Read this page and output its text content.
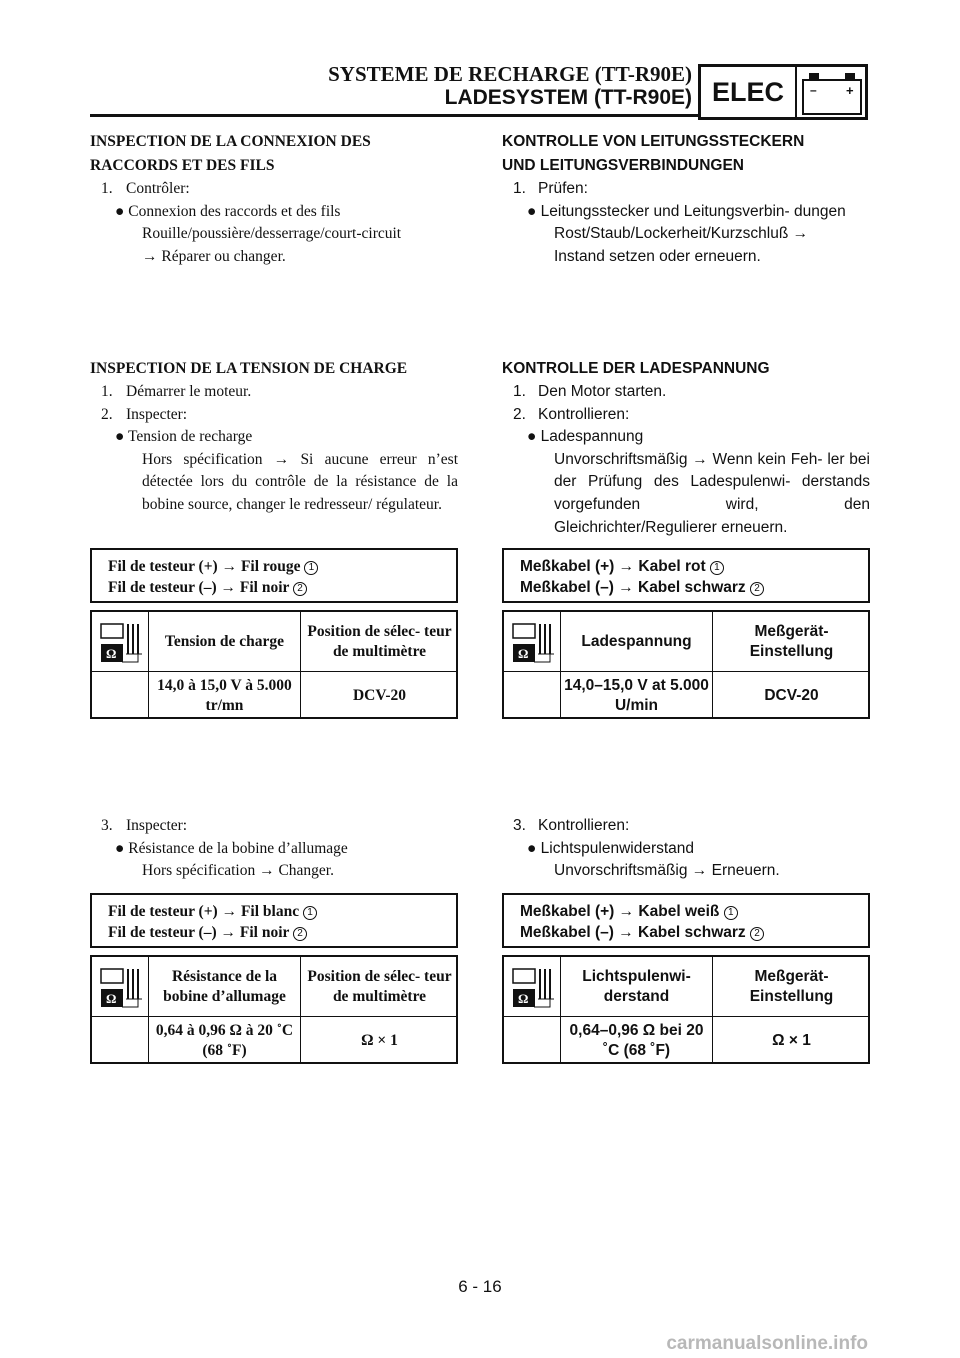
SYSTEME DE RECHARGE (TT-R90E)
LADESYSTEM (TT-R90E) ELEC	– +
INSPECTION DE LA CONNEXION DES
RACCORDS ET DES FILS
1. Contrôler:
● Connexion des raccords et des fils
Rouille/poussière/desserrage/court-circuit
→ Réparer ou changer.
INSPECTION DE LA TENSION DE CHARGE
1. Démarrer le moteur.
2. Inspecter:
● Tension de recharge
Hors spécification → Si aucune erreur n’est détectée lors du contrôle de la résistance de la bobine source, changer le redresseur/ régulateur.
Fil de testeur (+) → Fil rouge 1
Fil de testeur (–) → Fil noir 2
Ω
Tension de charge
Position de sélec- teur de multimètre
14,0 à 15,0 V à 5.000 tr/mn
DCV-20
3. Inspecter:
● Résistance de la bobine d’allumage
Hors spécification → Changer.
Fil de testeur (+) → Fil blanc 1
Fil de testeur (–) → Fil noir 2
Ω
Résistance de la bobine d’allumage
Position de sélec- teur de multimètre
0,64 à 0,96 Ω à 20 ˚C (68 ˚F)
Ω × 1
KONTROLLE VON LEITUNGSSTECKERN
UND LEITUNGSVERBINDUNGEN
1. Prüfen:
● Leitungsstecker und Leitungsverbin- dungen
Rost/Staub/Lockerheit/Kurzschluß →
Instand setzen oder erneuern.
KONTROLLE DER LADESPANNUNG
1. Den Motor starten.
2. Kontrollieren:
● Ladespannung
Unvorschriftsmäßig → Wenn kein Feh- ler bei der Prüfung des Ladespulenwi- derstands vorgefunden wird, den Gleichrichter/Regulierer erneuern.
Meßkabel (+) → Kabel rot 1
Meßkabel (–) → Kabel schwarz 2
Ω
Ladespannung
Meßgerät- Einstellung
14,0–15,0 V at 5.000 U/min
DCV-20
3. Kontrollieren:
● Lichtspulenwiderstand
Unvorschriftsmäßig → Erneuern.
Meßkabel (+) → Kabel weiß 1
Meßkabel (–) → Kabel schwarz 2
Ω
Lichtspulenwi- derstand
Meßgerät- Einstellung
0,64–0,96 Ω bei 20 ˚C (68 ˚F)
Ω × 1
6 - 16
carmanualsonline.info
